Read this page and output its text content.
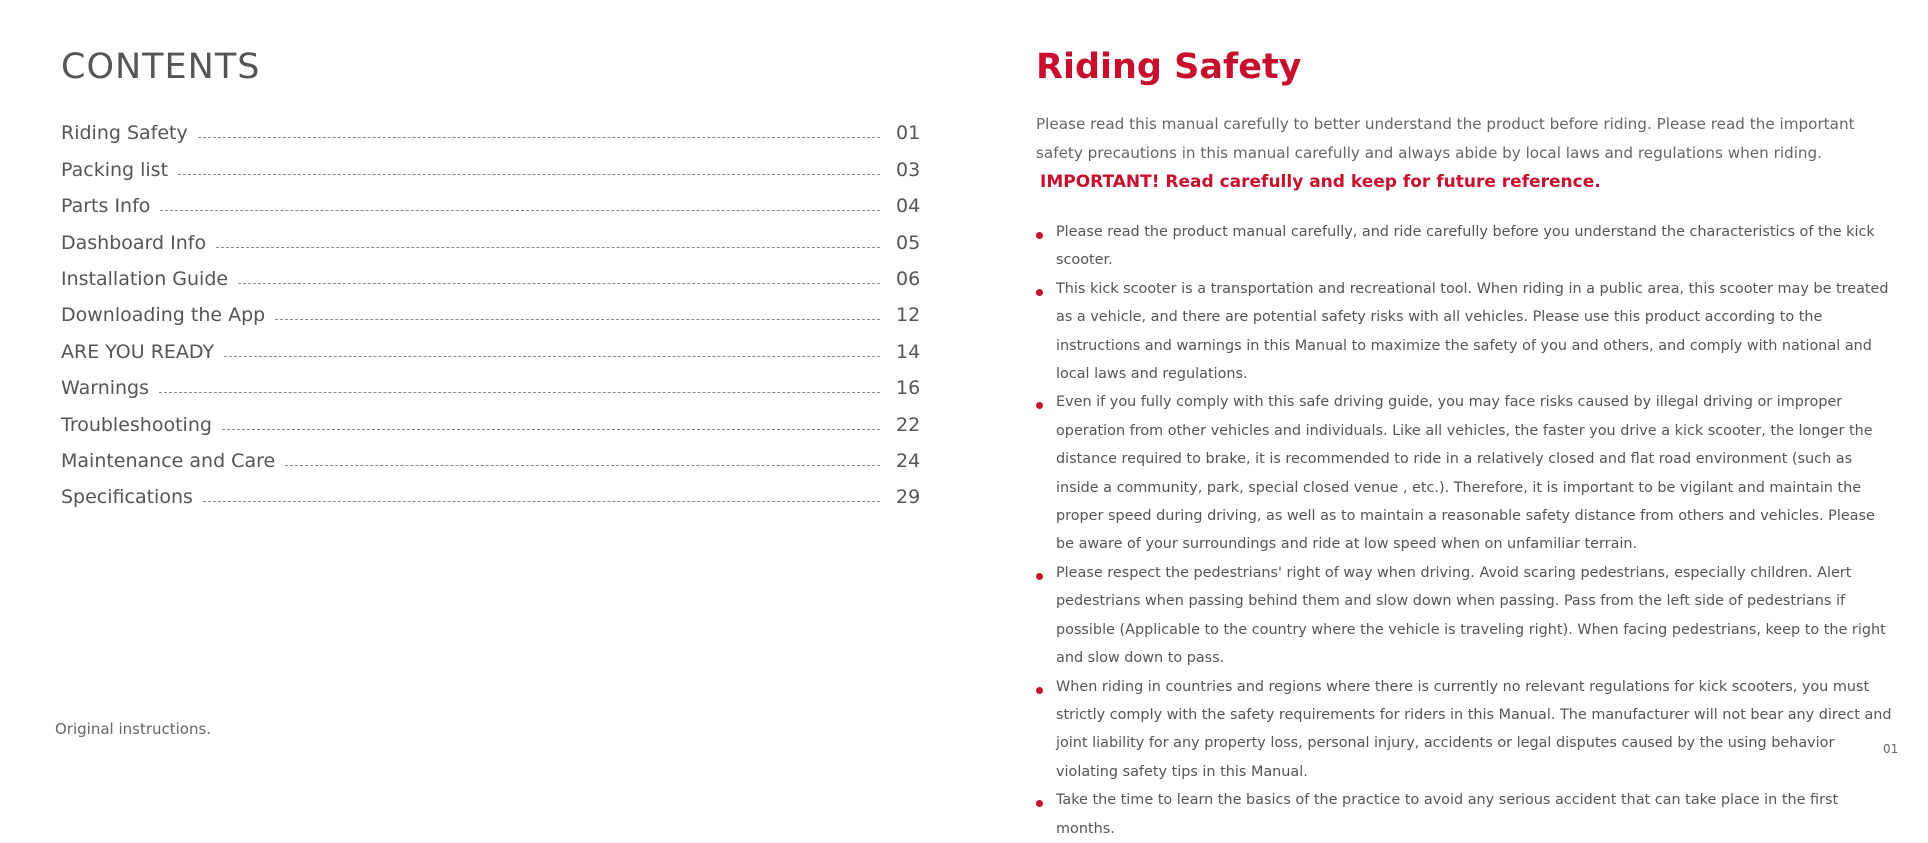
CONTENTS
Riding Safety	01
Packing list	03
Parts Info	04
Dashboard Info	05
Installation Guide	06
Downloading the App	12
ARE YOU READY	14
Warnings	16
Troubleshooting	22
Maintenance and Care	24
Specifications	29
Original instructions.
Riding Safety

Please read this manual carefully to better understand the product before riding. Please read the important safety precautions in this manual carefully and always abide by local laws and regulations when riding.

IMPORTANT! Read carefully and keep for future reference.

Please read the product manual carefully, and ride carefully before you understand the characteristics of the kick scooter.
This kick scooter is a transportation and recreational tool. When riding in a public area, this scooter may be treated as a vehicle, and there are potential safety risks with all vehicles. Please use this product according to the instructions and warnings in this Manual to maximize the safety of you and others, and comply with national and local laws and regulations.
Even if you fully comply with this safe driving guide, you may face risks caused by illegal driving or improper operation from other vehicles and individuals. Like all vehicles, the faster you drive a kick scooter, the longer the distance required to brake, it is recommended to ride in a relatively closed and flat road environment (such as inside a community, park, special closed venue , etc.). Therefore, it is important to be vigilant and maintain the proper speed during driving, as well as to maintain a reasonable safety distance from others and vehicles. Please be aware of your surroundings and ride at low speed when on unfamiliar terrain.
Please respect the pedestrians' right of way when driving. Avoid scaring pedestrians, especially children. Alert pedestrians when passing behind them and slow down when passing. Pass from the left side of pedestrians if possible (Applicable to the country where the vehicle is traveling right). When facing pedestrians, keep to the right and slow down to pass.
When riding in countries and regions where there is currently no relevant regulations for kick scooters, you must strictly comply with the safety requirements for riders in this Manual. The manufacturer will not bear any direct and joint liability for any property loss, personal injury, accidents or legal disputes caused by the using behavior violating safety tips in this Manual.
Take the time to learn the basics of the practice to avoid any serious accident that can take place in the first months.
01
